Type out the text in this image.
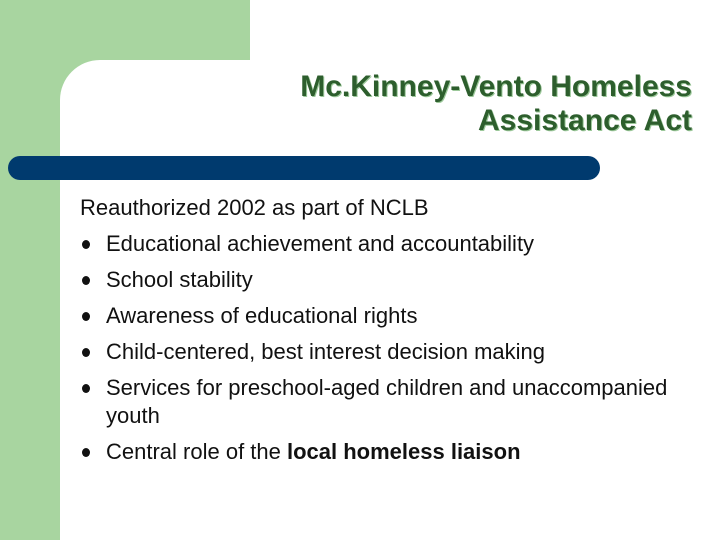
Mc.Kinney-Vento Homeless
Assistance Act

Reauthorized 2002 as part of NCLB

Educational achievement and accountability
School stability
Awareness of educational rights
Child-centered, best interest decision making
Services for preschool-aged children and unaccompanied youth
Central role of the local homeless liaison
